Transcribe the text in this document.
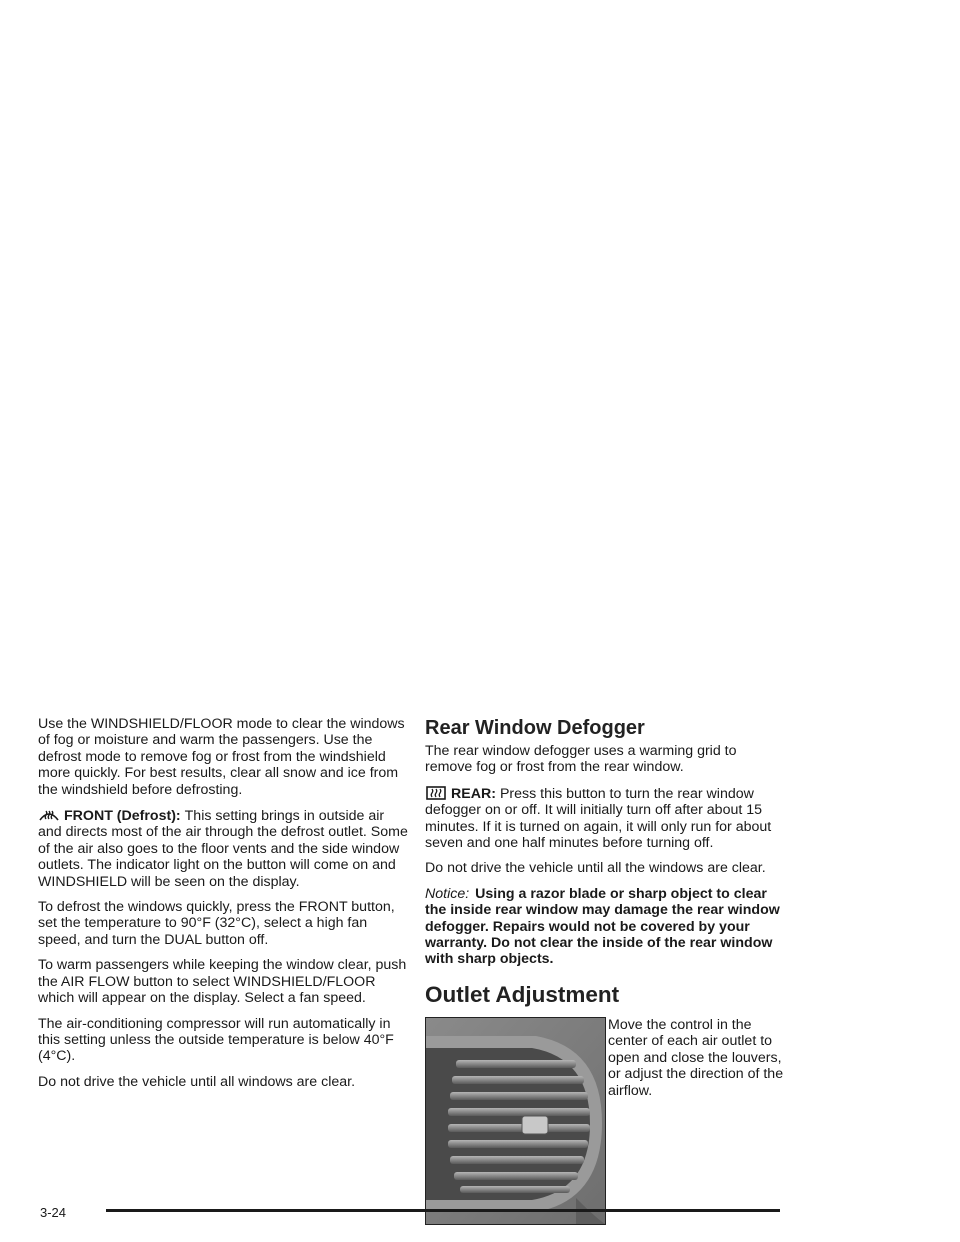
Use the WINDSHIELD/FLOOR mode to clear the windows of fog or moisture and warm the passengers. Use the defrost mode to remove fog or frost from the windshield more quickly. For best results, clear all snow and ice from the windshield before defrosting.

FRONT (Defrost): This setting brings in outside air and directs most of the air through the defrost outlet. Some of the air also goes to the floor vents and the side window outlets. The indicator light on the button will come on and WINDSHIELD will be seen on the display.

To defrost the windows quickly, press the FRONT button, set the temperature to 90°F (32°C), select a high fan speed, and turn the DUAL button off.

To warm passengers while keeping the window clear, push the AIR FLOW button to select WINDSHIELD/FLOOR which will appear on the display. Select a fan speed.

The air-conditioning compressor will run automatically in this setting unless the outside temperature is below 40°F (4°C).

Do not drive the vehicle until all windows are clear.

Rear Window Defogger

The rear window defogger uses a warming grid to remove fog or frost from the rear window.

REAR: Press this button to turn the rear window defogger on or off. It will initially turn off after about 15 minutes. If it is turned on again, it will only run for about seven and one half minutes before turning off.

Do not drive the vehicle until all the windows are clear.

Notice: Using a razor blade or sharp object to clear the inside rear window may damage the rear window defogger. Repairs would not be covered by your warranty. Do not clear the inside of the rear window with sharp objects.

Outlet Adjustment

Move the control in the center of each air outlet to open and close the louvers, or adjust the direction of the airflow.

3-24
